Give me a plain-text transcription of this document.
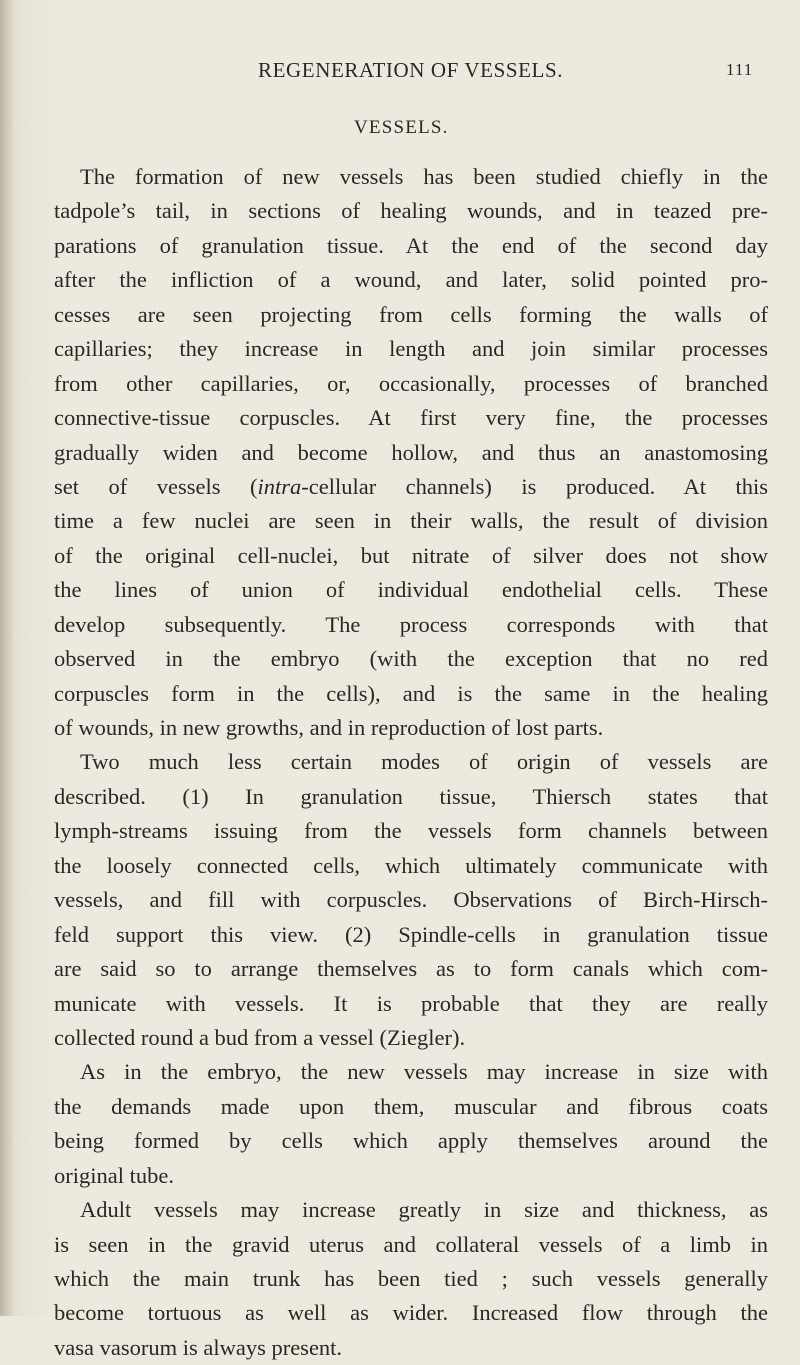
REGENERATION OF VESSELS.	111
VESSELS.
The formation of new vessels has been studied chiefly in the
tadpole’s tail, in sections of healing wounds, and in teazed pre-
parations of granulation tissue. At the end of the second day
after the infliction of a wound, and later, solid pointed pro-
cesses are seen projecting from cells forming the walls of
capillaries; they increase in length and join similar processes
from other capillaries, or, occasionally, processes of branched
connective-tissue corpuscles. At first very fine, the processes
gradually widen and become hollow, and thus an anastomosing
set of vessels (intra-cellular channels) is produced. At this
time a few nuclei are seen in their walls, the result of division
of the original cell-nuclei, but nitrate of silver does not show
the lines of union of individual endothelial cells. These
develop subsequently. The process corresponds with that
observed in the embryo (with the exception that no red
corpuscles form in the cells), and is the same in the healing
of wounds, in new growths, and in reproduction of lost parts.
Two much less certain modes of origin of vessels are
described. (1) In granulation tissue, Thiersch states that
lymph-streams issuing from the vessels form channels between
the loosely connected cells, which ultimately communicate with
vessels, and fill with corpuscles. Observations of Birch-Hirsch-
feld support this view. (2) Spindle-cells in granulation tissue
are said so to arrange themselves as to form canals which com-
municate with vessels. It is probable that they are really
collected round a bud from a vessel (Ziegler).
As in the embryo, the new vessels may increase in size with
the demands made upon them, muscular and fibrous coats
being formed by cells which apply themselves around the
original tube.
Adult vessels may increase greatly in size and thickness, as
is seen in the gravid uterus and collateral vessels of a limb in
which the main trunk has been tied ; such vessels generally
become tortuous as well as wider. Increased flow through the
vasa vasorum is always present.
